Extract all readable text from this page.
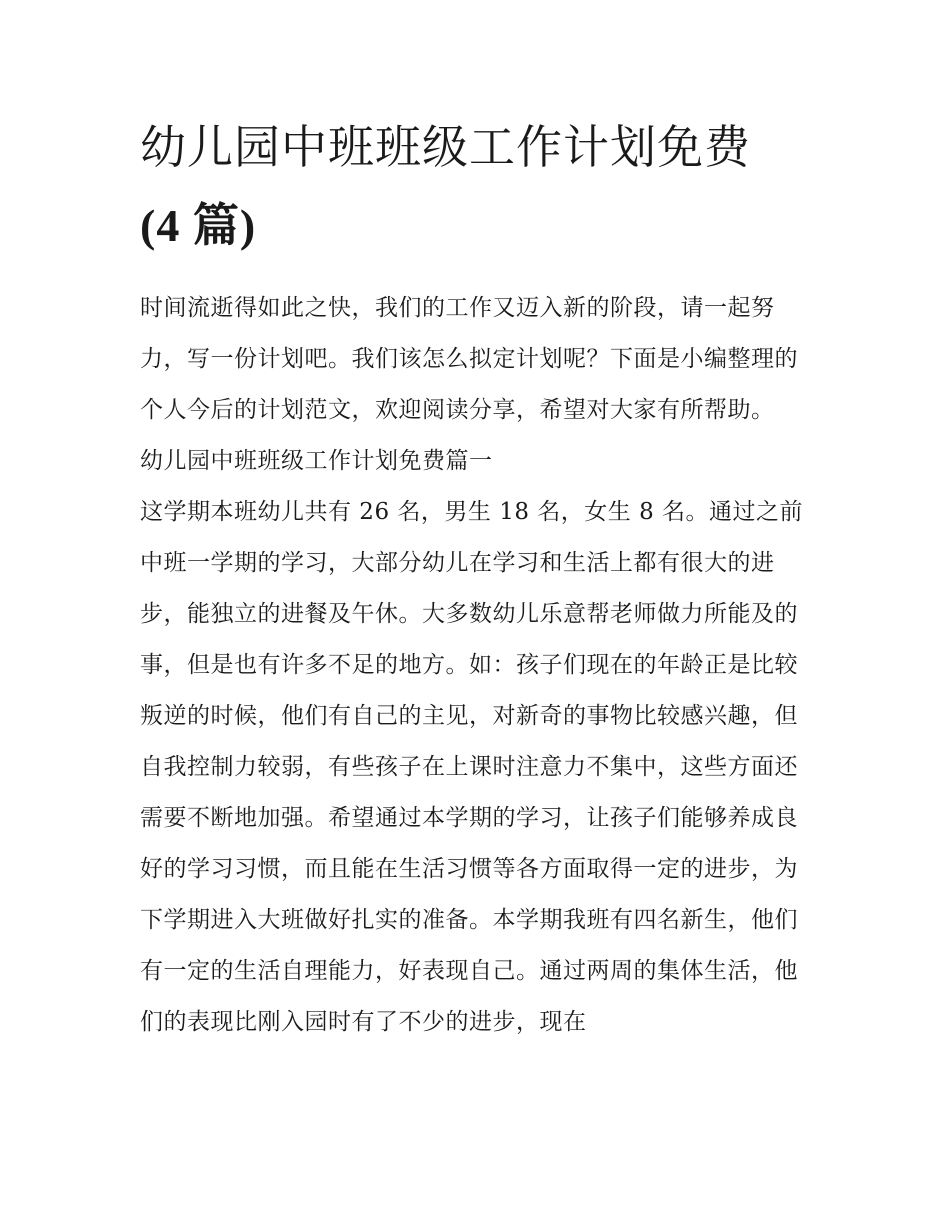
幼儿园中班班级工作计划免费
(4 篇)

时间流逝得如此之快，我们的工作又迈入新的阶段，请一起努力，写一份计划吧。我们该怎么拟定计划呢？下面是小编整理的个人今后的计划范文，欢迎阅读分享，希望对大家有所帮助。

幼儿园中班班级工作计划免费篇一

这学期本班幼儿共有 26 名，男生 18 名，女生 8 名。通过之前中班一学期的学习，大部分幼儿在学习和生活上都有很大的进步，能独立的进餐及午休。大多数幼儿乐意帮老师做力所能及的事，但是也有许多不足的地方。如：孩子们现在的年龄正是比较叛逆的时候，他们有自己的主见，对新奇的事物比较感兴趣，但自我控制力较弱，有些孩子在上课时注意力不集中，这些方面还需要不断地加强。希望通过本学期的学习，让孩子们能够养成良好的学习习惯，而且能在生活习惯等各方面取得一定的进步，为下学期进入大班做好扎实的准备。本学期我班有四名新生，他们有一定的生活自理能力，好表现自己。通过两周的集体生活，他们的表现比刚入园时有了不少的进步，现在
